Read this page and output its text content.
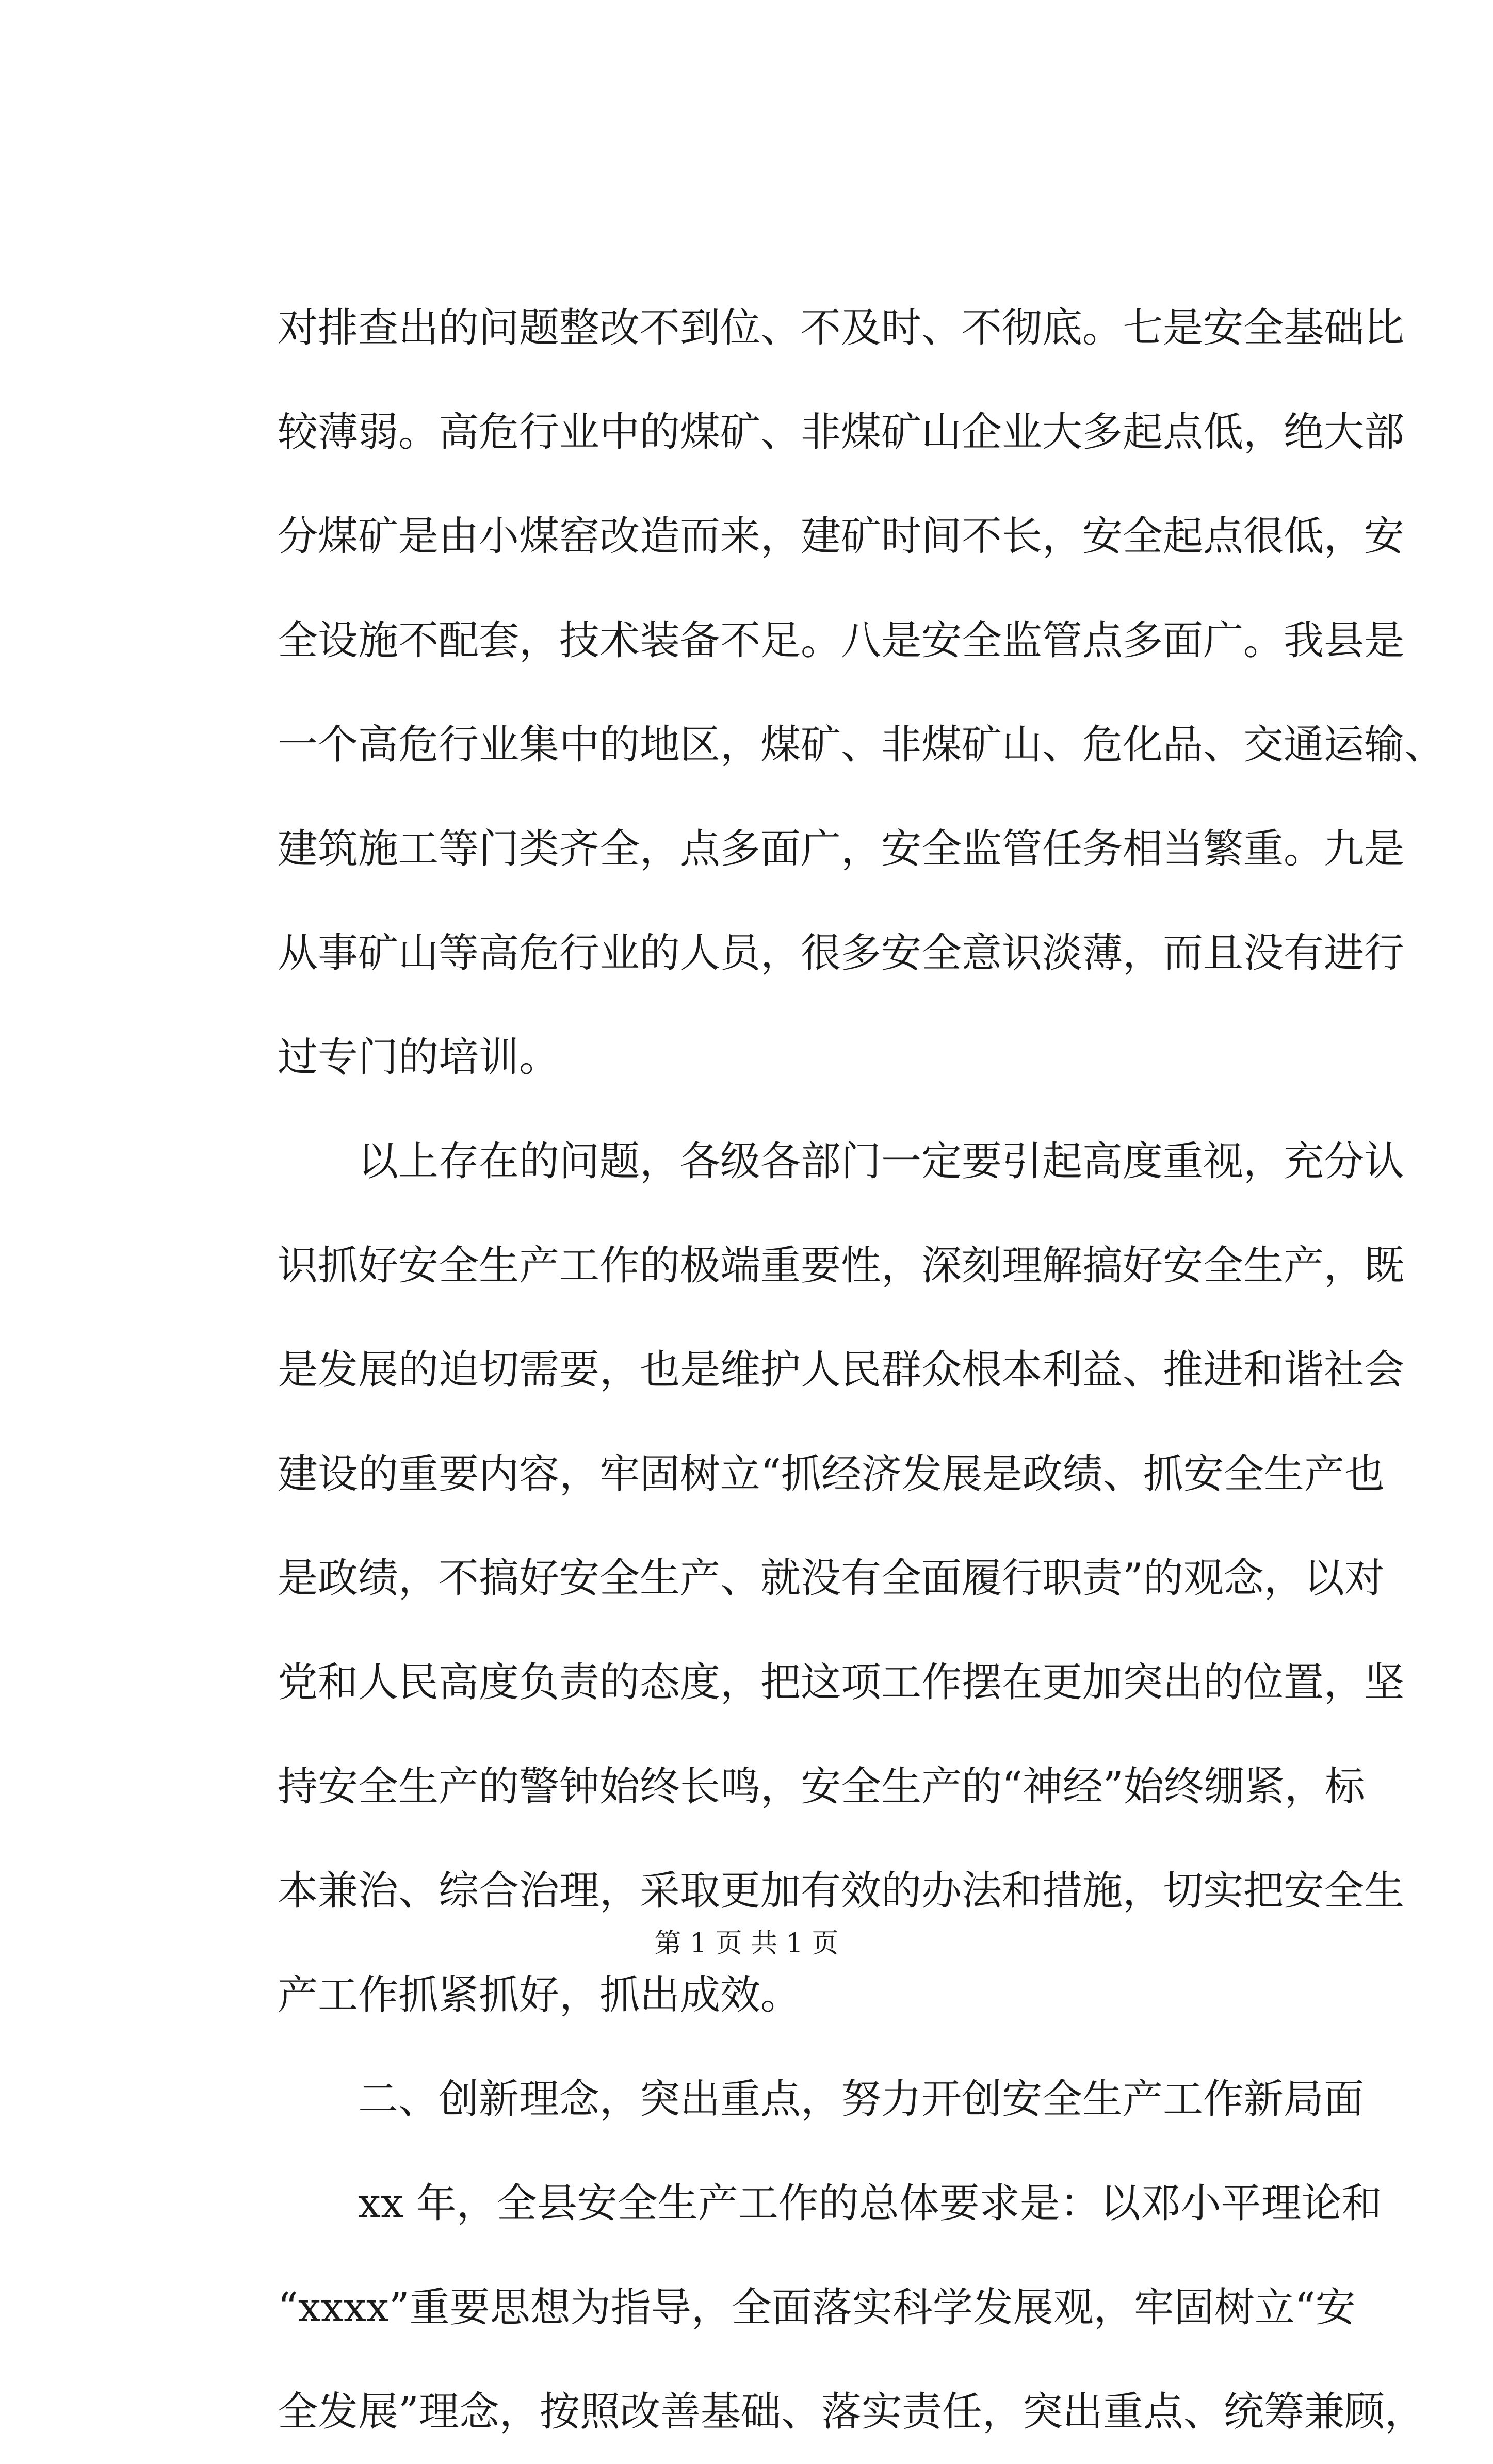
对排查出的问题整改不到位、不及时、不彻底。七是安全基础比
较薄弱。高危行业中的煤矿、非煤矿山企业大多起点低，绝大部
分煤矿是由小煤窑改造而来，建矿时间不长，安全起点很低，安
全设施不配套，技术装备不足。八是安全监管点多面广。我县是
一个高危行业集中的地区，煤矿、非煤矿山、危化品、交通运输、
建筑施工等门类齐全，点多面广，安全监管任务相当繁重。九是
从事矿山等高危行业的人员，很多安全意识淡薄，而且没有进行
过专门的培训。
　　以上存在的问题，各级各部门一定要引起高度重视，充分认
识抓好安全生产工作的极端重要性，深刻理解搞好安全生产，既
是发展的迫切需要，也是维护人民群众根本利益、推进和谐社会
建设的重要内容，牢固树立“抓经济发展是政绩、抓安全生产也
是政绩，不搞好安全生产、就没有全面履行职责”的观念，以对
党和人民高度负责的态度，把这项工作摆在更加突出的位置，坚
持安全生产的警钟始终长鸣，安全生产的“神经”始终绷紧，标
本兼治、综合治理，采取更加有效的办法和措施，切实把安全生
产工作抓紧抓好，抓出成效。
　　二、创新理念，突出重点，努力开创安全生产工作新局面
　　xx 年，全县安全生产工作的总体要求是：以邓小平理论和
“xxxx”重要思想为指导，全面落实科学发展观，牢固树立“安
全发展”理念，按照改善基础、落实责任，突出重点、统筹兼顾，
第 1 页 共 1 页
